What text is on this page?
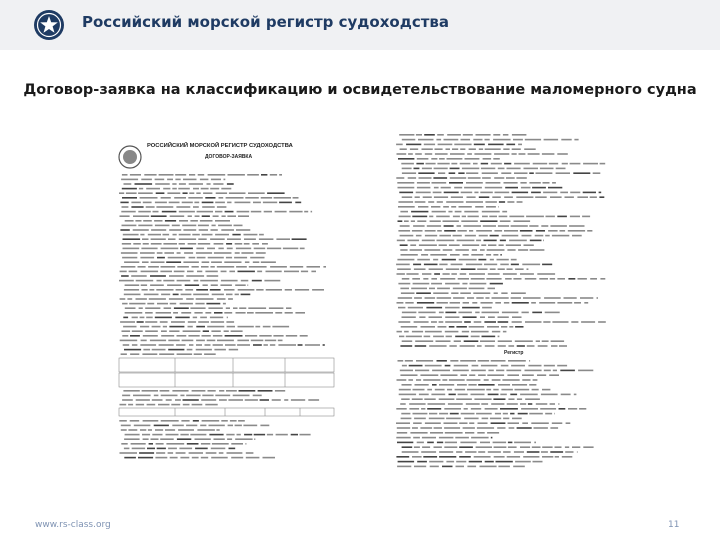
Российский морской регистр судоходства
Договор-заявка на классификацию и освидетельствование маломерного судна
РОССИЙСКИЙ МОРСКОЙ РЕГИСТР СУДОХОДСТВА
ДОГОВОР-ЗАЯВКА
Регистр
www.rs-class.org	11
